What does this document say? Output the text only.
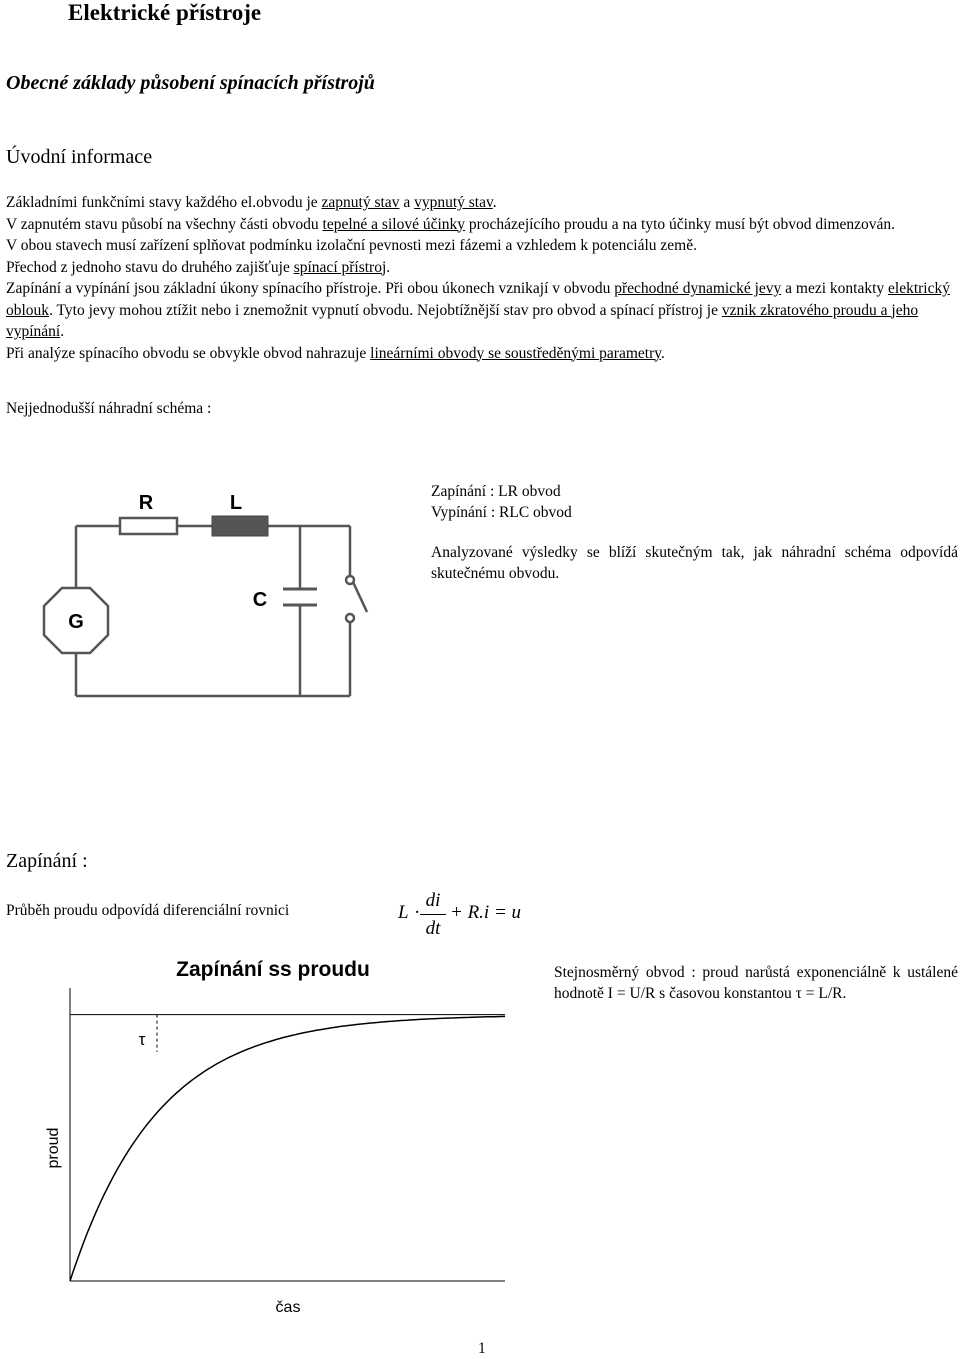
Elektrické přístroje
Obecné základy působení spínacích přístrojů
Úvodní informace

Základními funkčními stavy každého el.obvodu je zapnutý stav a vypnutý stav.

V zapnutém stavu působí na všechny části obvodu tepelné a silové účinky procházejícího proudu a na tyto účinky musí být obvod dimenzován.

V obou stavech musí zařízení splňovat podmínku izolační pevnosti mezi fázemi a vzhledem k potenciálu země.

Přechod z jednoho stavu do druhého zajišťuje spínací přístroj.

Zapínání a vypínání jsou základní úkony spínacího přístroje. Při obou úkonech vznikají v obvodu přechodné dynamické jevy a mezi kontakty elektrický oblouk. Tyto jevy mohou ztížit nebo i znemožnit vypnutí obvodu. Nejobtížnější stav pro obvod a spínací přístroj je vznik zkratového proudu a jeho vypínání.

Při analýze spínacího obvodu se obvykle obvod nahrazuje lineárními obvody se soustředěnými parametry.

Nejjednodušší náhradní schéma :
R	L
C
G
Zapínání : LR obvod
Vypínání : RLC obvod
Analyzované výsledky se blíží skutečným tak, jak náhradní schéma odpovídá skutečnému obvodu.
Zapínání :
Průběh proudu odpovídá diferenciální rovnici	L ·
di
dt
+ R.i = u
Zapínání ss proudu
τ
proud
čas
Stejnosměrný obvod : proud narůstá exponenciálně k ustálené hodnotě I = U/R s časovou konstantou τ = L/R.
1
